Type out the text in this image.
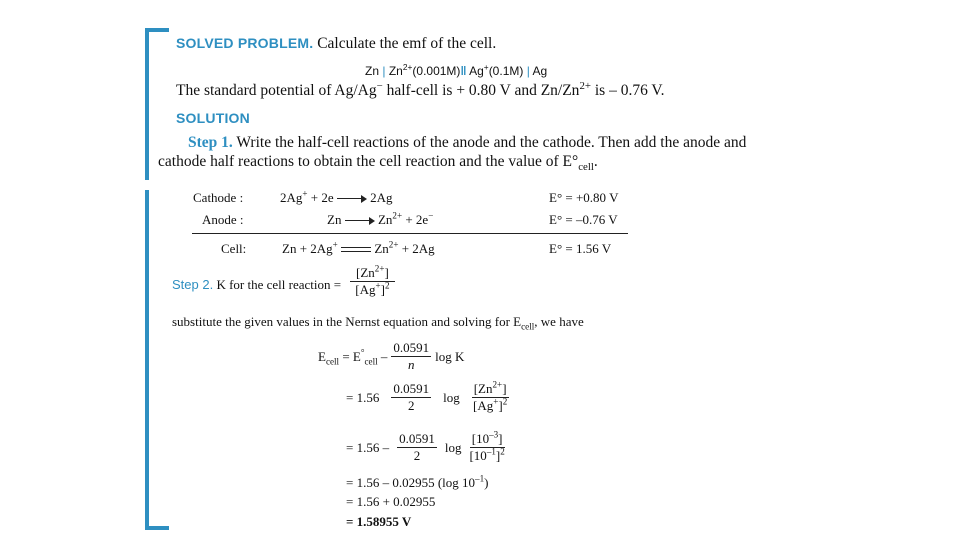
SOLVED PROBLEM. Calculate the emf of the cell.
Zn | $Zn^{2+}(0.001M)‖$ Ag+(0.1M) | Ag
The standard potential of Ag/Ag− half-cell is + 0.80 V and $Zn/Zn^{2+}$ is – 0.76 V.
SOLUTION
Step 1. Write the half-cell reactions of the anode and the cathode. Then add the anode and
cathode half reactions to obtain the cell reaction and the value of $E^\circ_{cell}$.
Cathode :	2Ag+ + 2e	2Ag	E° = +0.80 V
Anode :	Zn	$Zn^{2+} + 2e^-$	E° = –0.76 V
Cell:	Zn + 2Ag+	$Zn^{2+} + 2Ag$	E° = 1.56 V
Step 2. K for the cell reaction = $\frac{[Zn^{2+}]}{[Ag^+]^2}$
substitute the given values in the Nernst equation and solving for $E_{cell}$, we have
$E_{cell} = E^\circ_{cell} - \frac{0.0591}{n}$ log K
= $1.56 \frac{0.0591}{2}$ $\log \frac{[Zn^{2+}]}{[Ag^+]^2}$
= $1.56 - \frac{0.0591}{2}$ $\log \frac{[10^{-3}]}{[10^{-1}]^2}$
= 1.56 – 0.02955 (log $10^{-1}$)
= 1.56 + 0.02955
= 1.58955 V
